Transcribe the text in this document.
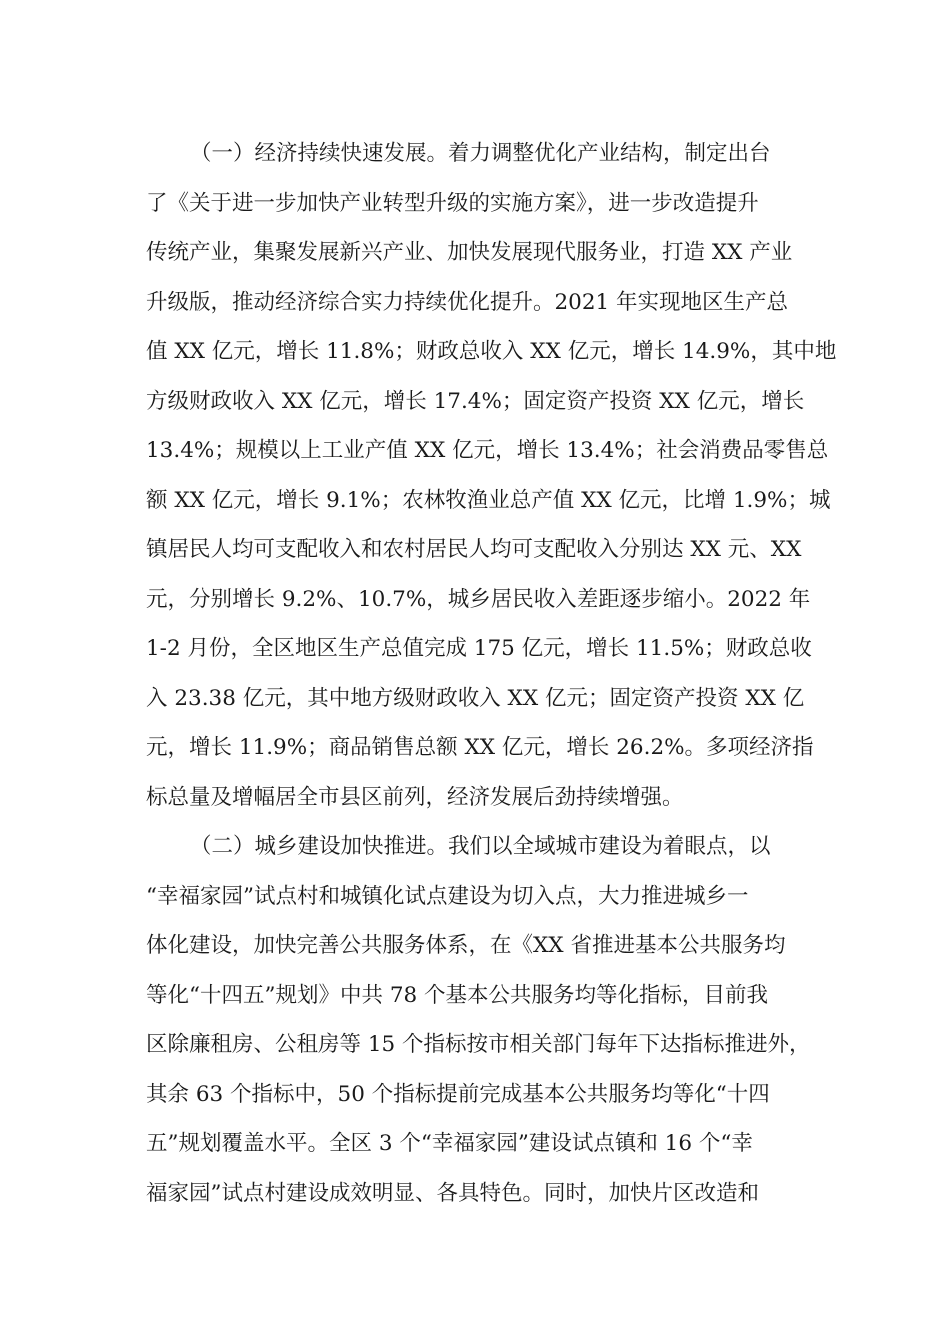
（一）经济持续快速发展。着力调整优化产业结构，制定出台
了《关于进一步加快产业转型升级的实施方案》，进一步改造提升
传统产业，集聚发展新兴产业、加快发展现代服务业，打造 XX 产业
升级版，推动经济综合实力持续优化提升。2021 年实现地区生产总
值 XX 亿元，增长 11.8%；财政总收入 XX 亿元，增长 14.9%，其中地
方级财政收入 XX 亿元，增长 17.4%；固定资产投资 XX 亿元，增长
13.4%；规模以上工业产值 XX 亿元，增长 13.4%；社会消费品零售总
额 XX 亿元，增长 9.1%；农林牧渔业总产值 XX 亿元，比增 1.9%；城
镇居民人均可支配收入和农村居民人均可支配收入分别达 XX 元、XX
元，分别增长 9.2%、10.7%，城乡居民收入差距逐步缩小。2022 年
1-2 月份，全区地区生产总值完成 175 亿元，增长 11.5%；财政总收
入 23.38 亿元，其中地方级财政收入 XX 亿元；固定资产投资 XX 亿
元，增长 11.9%；商品销售总额 XX 亿元，增长 26.2%。多项经济指
标总量及增幅居全市县区前列，经济发展后劲持续增强。
（二）城乡建设加快推进。我们以全域城市建设为着眼点，以
“幸福家园”试点村和城镇化试点建设为切入点，大力推进城乡一
体化建设，加快完善公共服务体系，在《XX 省推进基本公共服务均
等化“十四五”规划》中共 78 个基本公共服务均等化指标，目前我
区除廉租房、公租房等 15 个指标按市相关部门每年下达指标推进外，
其余 63 个指标中，50 个指标提前完成基本公共服务均等化“十四
五”规划覆盖水平。全区 3 个“幸福家园”建设试点镇和 16 个“幸
福家园”试点村建设成效明显、各具特色。同时，加快片区改造和
